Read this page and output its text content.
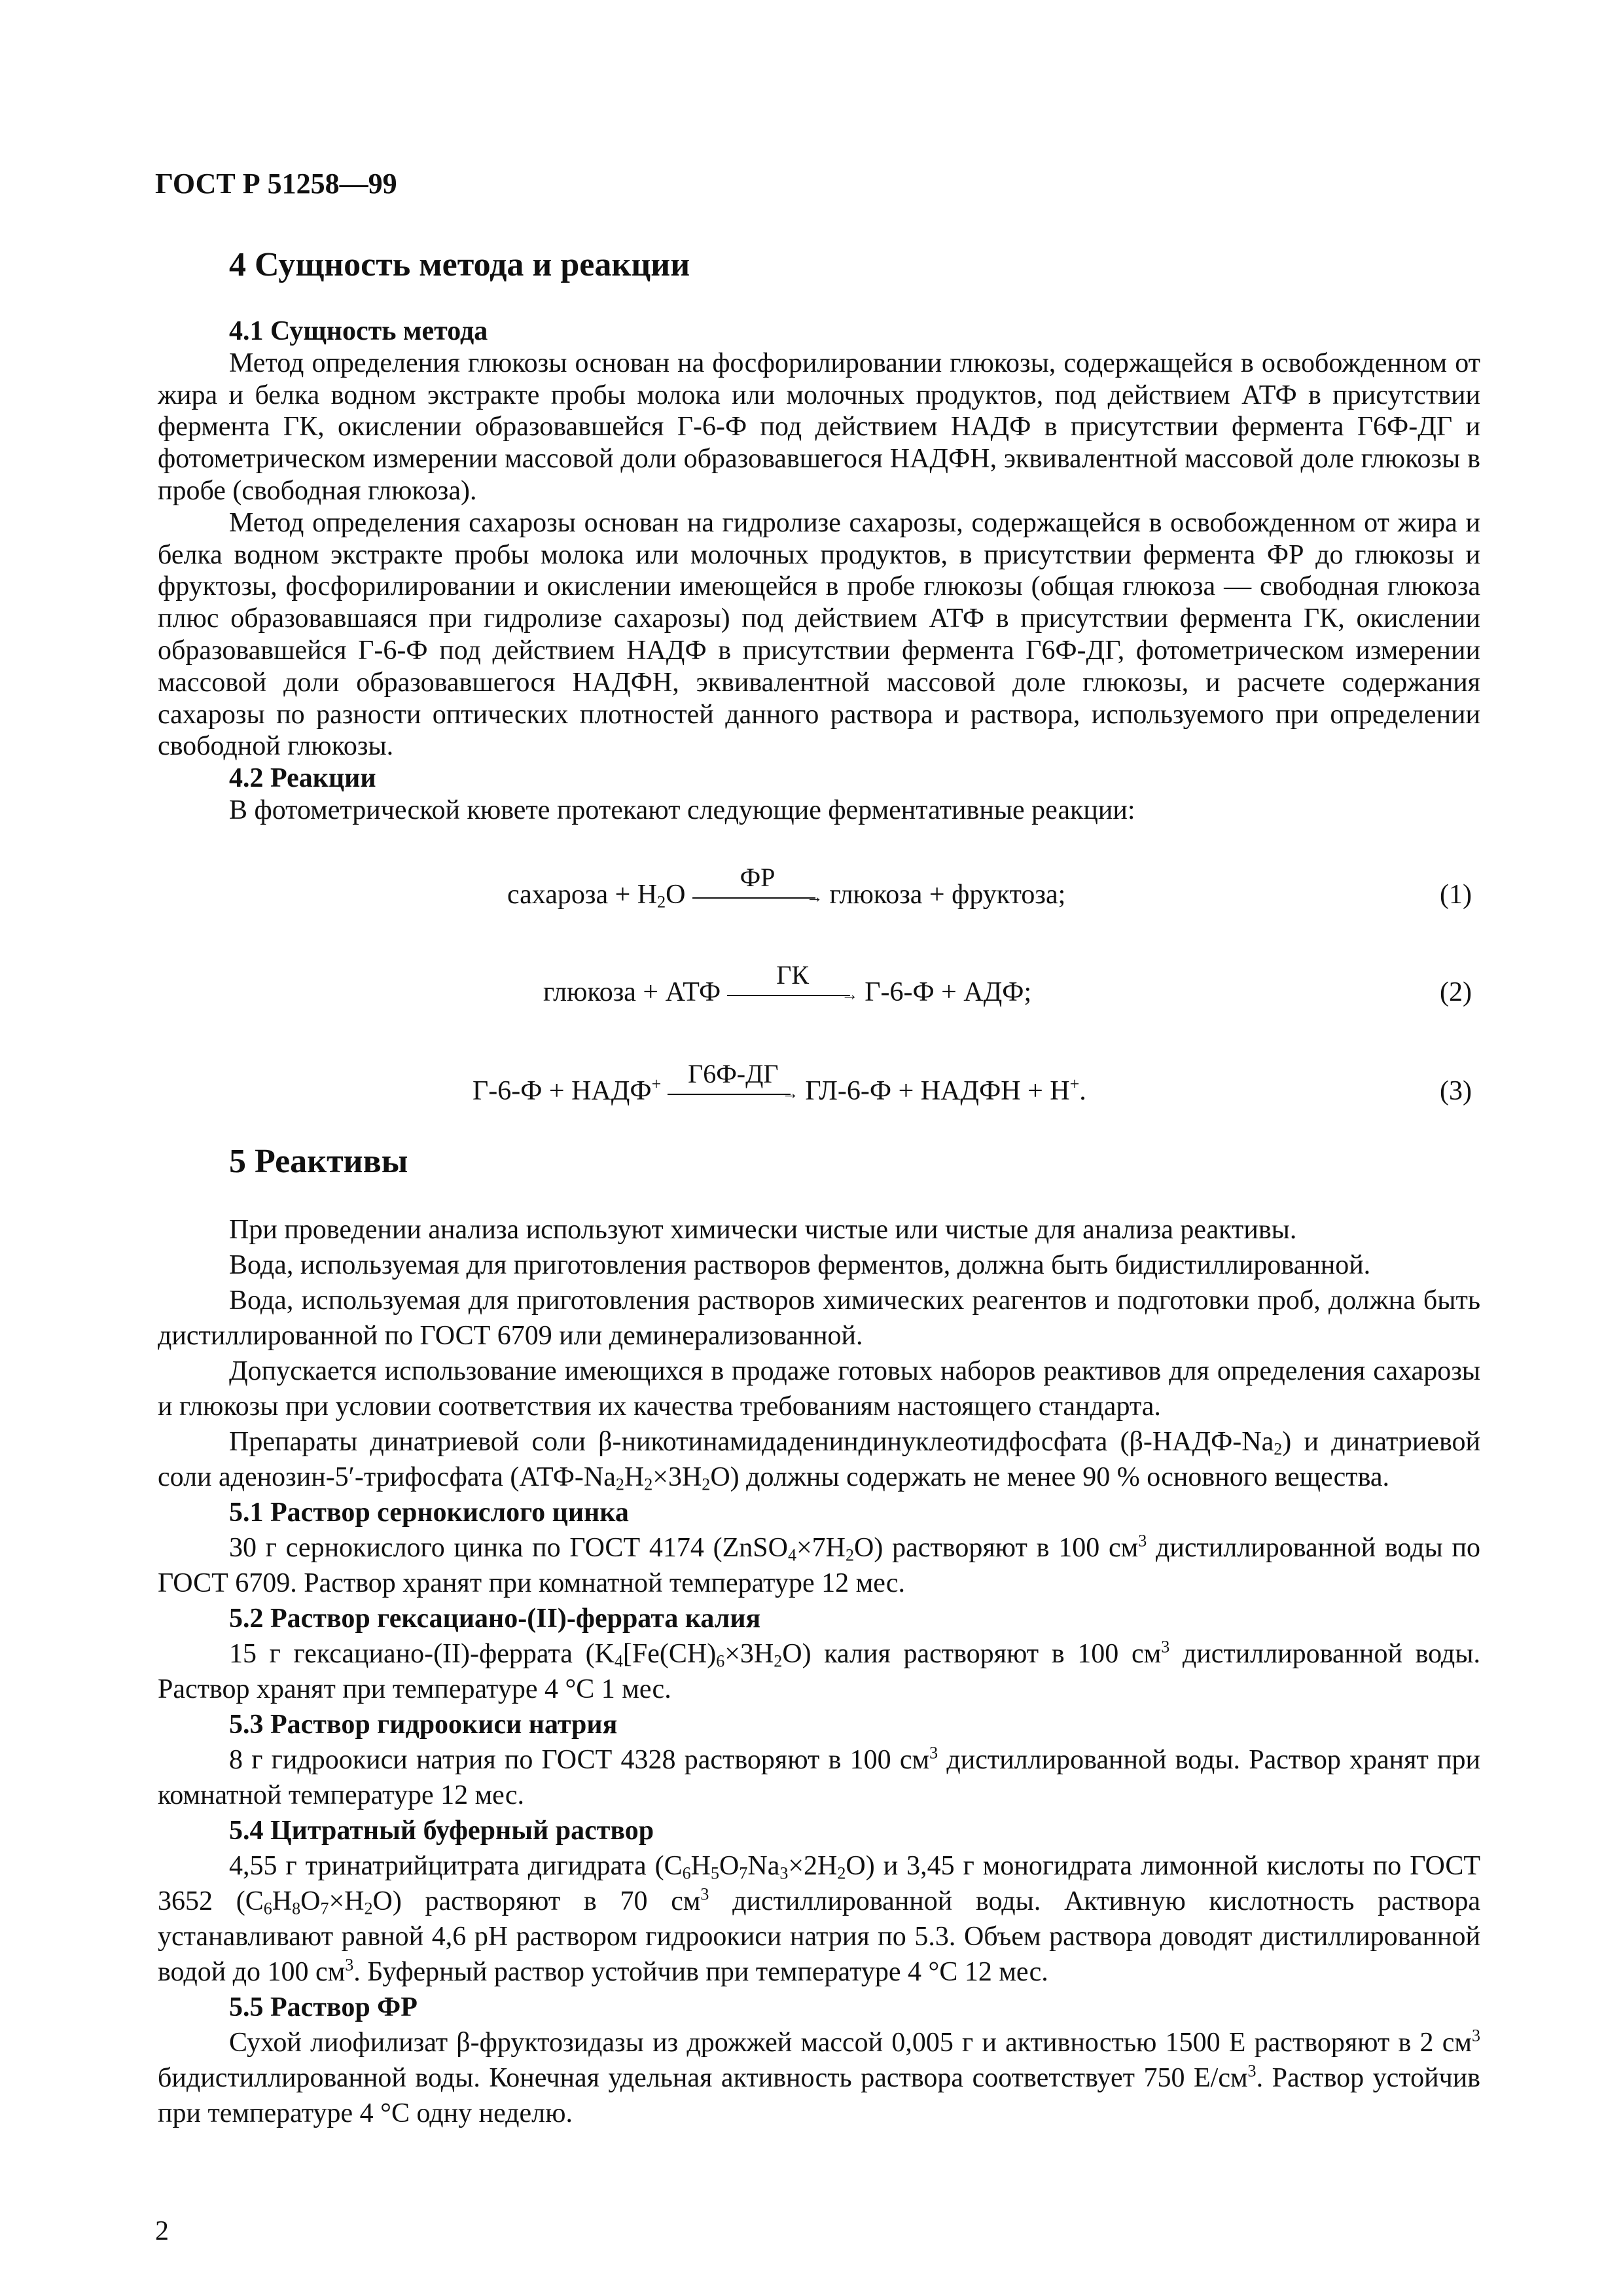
ГОСТ Р 51258—99
4 Сущность метода и реакции

4.1 Сущность метода

Метод определения глюкозы основан на фосфорилировании глюкозы, содержащейся в освобожденном от жира и белка водном экстракте пробы молока или молочных продуктов, под действием АТФ в присутствии фермента ГК, окислении образовавшейся Г-6-Ф под действием НАДФ в присутствии фермента Г6Ф-ДГ и фотометрическом измерении массовой доли образовавшегося НАДФН, эквивалентной массовой доле глюкозы в пробе (свободная глюкоза).

Метод определения сахарозы основан на гидролизе сахарозы, содержащейся в освобожденном от жира и белка водном экстракте пробы молока или молочных продуктов, в присутствии фермента ФР до глюкозы и фруктозы, фосфорилировании и окислении имеющейся в пробе глюкозы (общая глюкоза — свободная глюкоза плюс образовавшаяся при гидролизе сахарозы) под действием АТФ в присутствии фермента ГК, окислении образовавшейся Г-6-Ф под действием НАДФ в присутствии фермента Г6Ф-ДГ, фотометрическом измерении массовой доли образовавшегося НАДФН, эквивалентной массовой доле глюкозы, и расчете содержания сахарозы по разности оптических плотностей данного раствора и раствора, используемого при определении свободной глюкозы.

4.2 Реакции

В фотометрической кювете протекают следующие ферментативные реакции:

сахароза + $H_2O$	→
ФР
глюкоза + фруктоза;	(1)
глюкоза + АТФ	→
ГК
Г-6-Ф + АДФ;	(2)
Г-6-Ф + НАДФ+
→
Г6Ф-ДГ
ГЛ-6-Ф + НАДФН + Н+.	(3)
5 Реактивы

При проведении анализа используют химически чистые или чистые для анализа реактивы.

Вода, используемая для приготовления растворов ферментов, должна быть бидистиллированной.

Вода, используемая для приготовления растворов химических реагентов и подготовки проб, должна быть дистиллированной по ГОСТ 6709 или деминерализованной.

Допускается использование имеющихся в продаже готовых наборов реактивов для определения сахарозы и глюкозы при условии соответствия их качества требованиям настоящего стандарта.

Препараты динатриевой соли β-никотинамидадениндинуклеотидфосфата $(\beta-НАДФ-Na_2)$ и динатриевой соли аденозин-5′-трифосфата $(АТФ-Na_2H_2\times 3H_2O)$ должны содержать не менее 90 % основного вещества.

5.1 Раствор сернокислого цинка

30 г сернокислого цинка по ГОСТ 4174 $(ZnSO_4\times 7H_2O)$ растворяют в 100 $см^3$ дистиллированной воды по ГОСТ 6709. Раствор хранят при комнатной температуре 12 мес.

5.2 Раствор гексациано-(II)-феррата калия

15 г гексациано-(II)-феррата ($K_4[Fe(CH)_6\times 3H_2O)$ калия растворяют в 100 $см^3$ дистиллированной воды. Раствор хранят при температуре 4 °С 1 мес.

5.3 Раствор гидроокиси натрия

8 г гидроокиси натрия по ГОСТ 4328 растворяют в 100 $см^3$ дистиллированной воды. Раствор хранят при комнатной температуре 12 мес.

5.4 Цитратный буферный раствор

4,55 г тринатрийцитрата дигидрата $(C_6H_5O_7Na_3\times 2H_2O)$ и 3,45 г моногидрата лимонной кислоты по ГОСТ 3652 $(C_6H_8O_7\times H_2O)$ растворяют в 70 $см^3$ дистиллированной воды. Активную кислотность раствора устанавливают равной 4,6 рН раствором гидроокиси натрия по 5.3. Объем раствора доводят дистиллированной водой до 100 $см^3$. Буферный раствор устойчив при температуре 4 °С 12 мес.

5.5 Раствор ФР

Сухой лиофилизат β-фруктозидазы из дрожжей массой 0,005 г и активностью 1500 Е растворяют в 2 $см^3$ бидистиллированной воды. Конечная удельная активность раствора соответствует 750 $Е/см^3$. Раствор устойчив при температуре 4 °С одну неделю.

2
